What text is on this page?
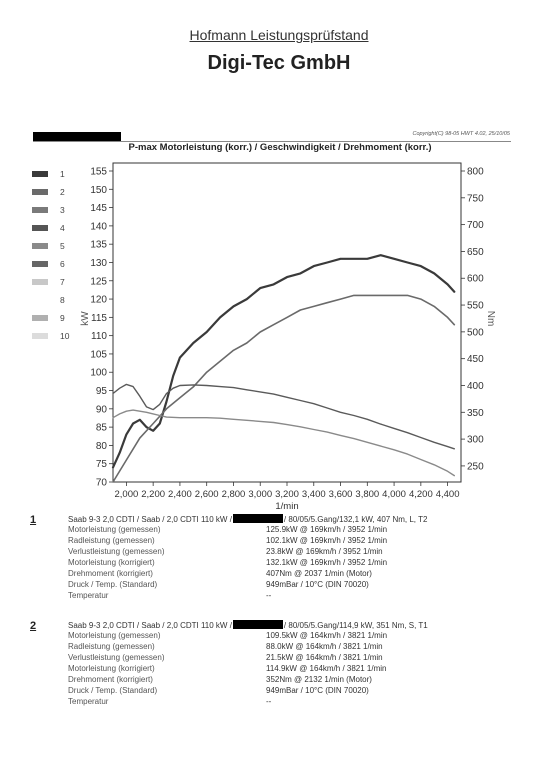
Hofmann Leistungsprüfstand
Digi-Tec GmbH
Copyright(C) 98-05 HWT 4.02, 25/10/05
P-max Motorleistung (korr.) / Geschwindigkeit / Drehmoment (korr.)
1
2
3
4
5
6
7
8
9
10
70
75
80
85
90
95
100
105
110
115
120
125
130
135
140
145
150
155
250
300
350
400
450
500
550
600
650
700
750
800
2,000 2,200 2,400 2,600 2,800 3,000 3,200 3,400 3,600 3,800 4,000 4,200 4,400
1/min
kW	Nm
1	Saab 9-3 2,0 CDTI / Saab / 2,0 CDTI 110 kW /	/ 80/05/5.Gang/132,1 kW, 407 Nm, L, T2
Motorleistung (gemessen)	125.9kW @ 169km/h / 3952 1/min
Radleistung (gemessen)	102.1kW @ 169km/h / 3952 1/min
Verlustleistung (gemessen)	23.8kW @ 169km/h / 3952 1/min
Motorleistung (korrigiert)	132.1kW @ 169km/h / 3952 1/min
Drehmoment (korrigiert)	407Nm @ 2037 1/min (Motor)
Druck / Temp. (Standard)	949mBar / 10°C (DIN 70020)
Temperatur	--
2	Saab 9-3 2,0 CDTI / Saab / 2,0 CDTI 110 kW /	/ 80/05/5.Gang/114,9 kW, 351 Nm, S, T1
Motorleistung (gemessen)	109.5kW @ 164km/h / 3821 1/min
Radleistung (gemessen)	88.0kW @ 164km/h / 3821 1/min
Verlustleistung (gemessen)	21.5kW @ 164km/h / 3821 1/min
Motorleistung (korrigiert)	114.9kW @ 164km/h / 3821 1/min
Drehmoment (korrigiert)	352Nm @ 2132 1/min (Motor)
Druck / Temp. (Standard)	949mBar / 10°C (DIN 70020)
Temperatur	--
